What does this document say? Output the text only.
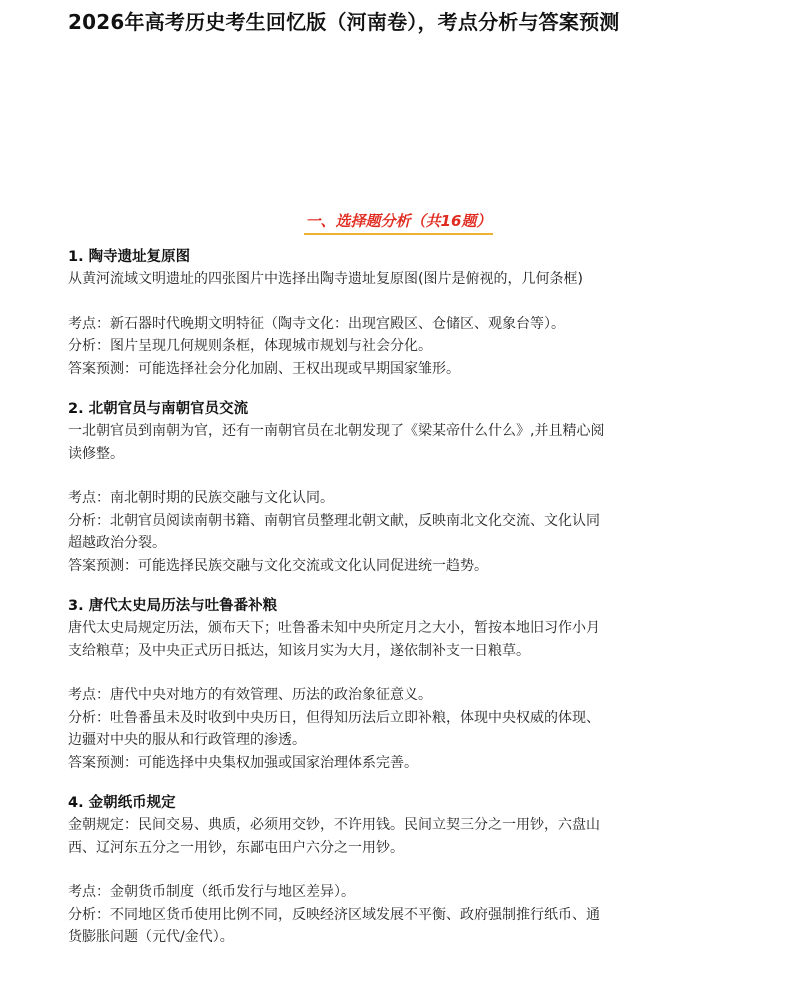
2026年高考历史考生回忆版（河南卷），考点分析与答案预测
一、选择题分析（共16题）
1. 陶寺遗址复原图
从黄河流域文明遗址的四张图片中选择出陶寺遗址复原图(图片是俯视的，几何条框)
考点：新石器时代晚期文明特征（陶寺文化：出现宫殿区、仓储区、观象台等）。
分析：图片呈现几何规则条框，体现城市规划与社会分化。
答案预测：可能选择社会分化加剧、王权出现或早期国家雏形。
2. 北朝官员与南朝官员交流
一北朝官员到南朝为官，还有一南朝官员在北朝发现了《梁某帝什么什么》,并且精心阅
读修整。
考点：南北朝时期的民族交融与文化认同。
分析：北朝官员阅读南朝书籍、南朝官员整理北朝文献，反映南北文化交流、文化认同
超越政治分裂。
答案预测：可能选择民族交融与文化交流或文化认同促进统一趋势。
3. 唐代太史局历法与吐鲁番补粮
唐代太史局规定历法，颁布天下；吐鲁番未知中央所定月之大小，暂按本地旧习作小月
支给粮草；及中央正式历日抵达，知该月实为大月，遂依制补支一日粮草。
考点：唐代中央对地方的有效管理、历法的政治象征意义。
分析：吐鲁番虽未及时收到中央历日，但得知历法后立即补粮，体现中央权威的体现、
边疆对中央的服从和行政管理的渗透。
答案预测：可能选择中央集权加强或国家治理体系完善。
4. 金朝纸币规定
金朝规定：民间交易、典质，必须用交钞，不许用钱。民间立契三分之一用钞，六盘山
西、辽河东五分之一用钞，东鄙屯田户六分之一用钞。
考点：金朝货币制度（纸币发行与地区差异）。
分析：不同地区货币使用比例不同，反映经济区域发展不平衡、政府强制推行纸币、通
货膨胀问题（元代/金代）。
